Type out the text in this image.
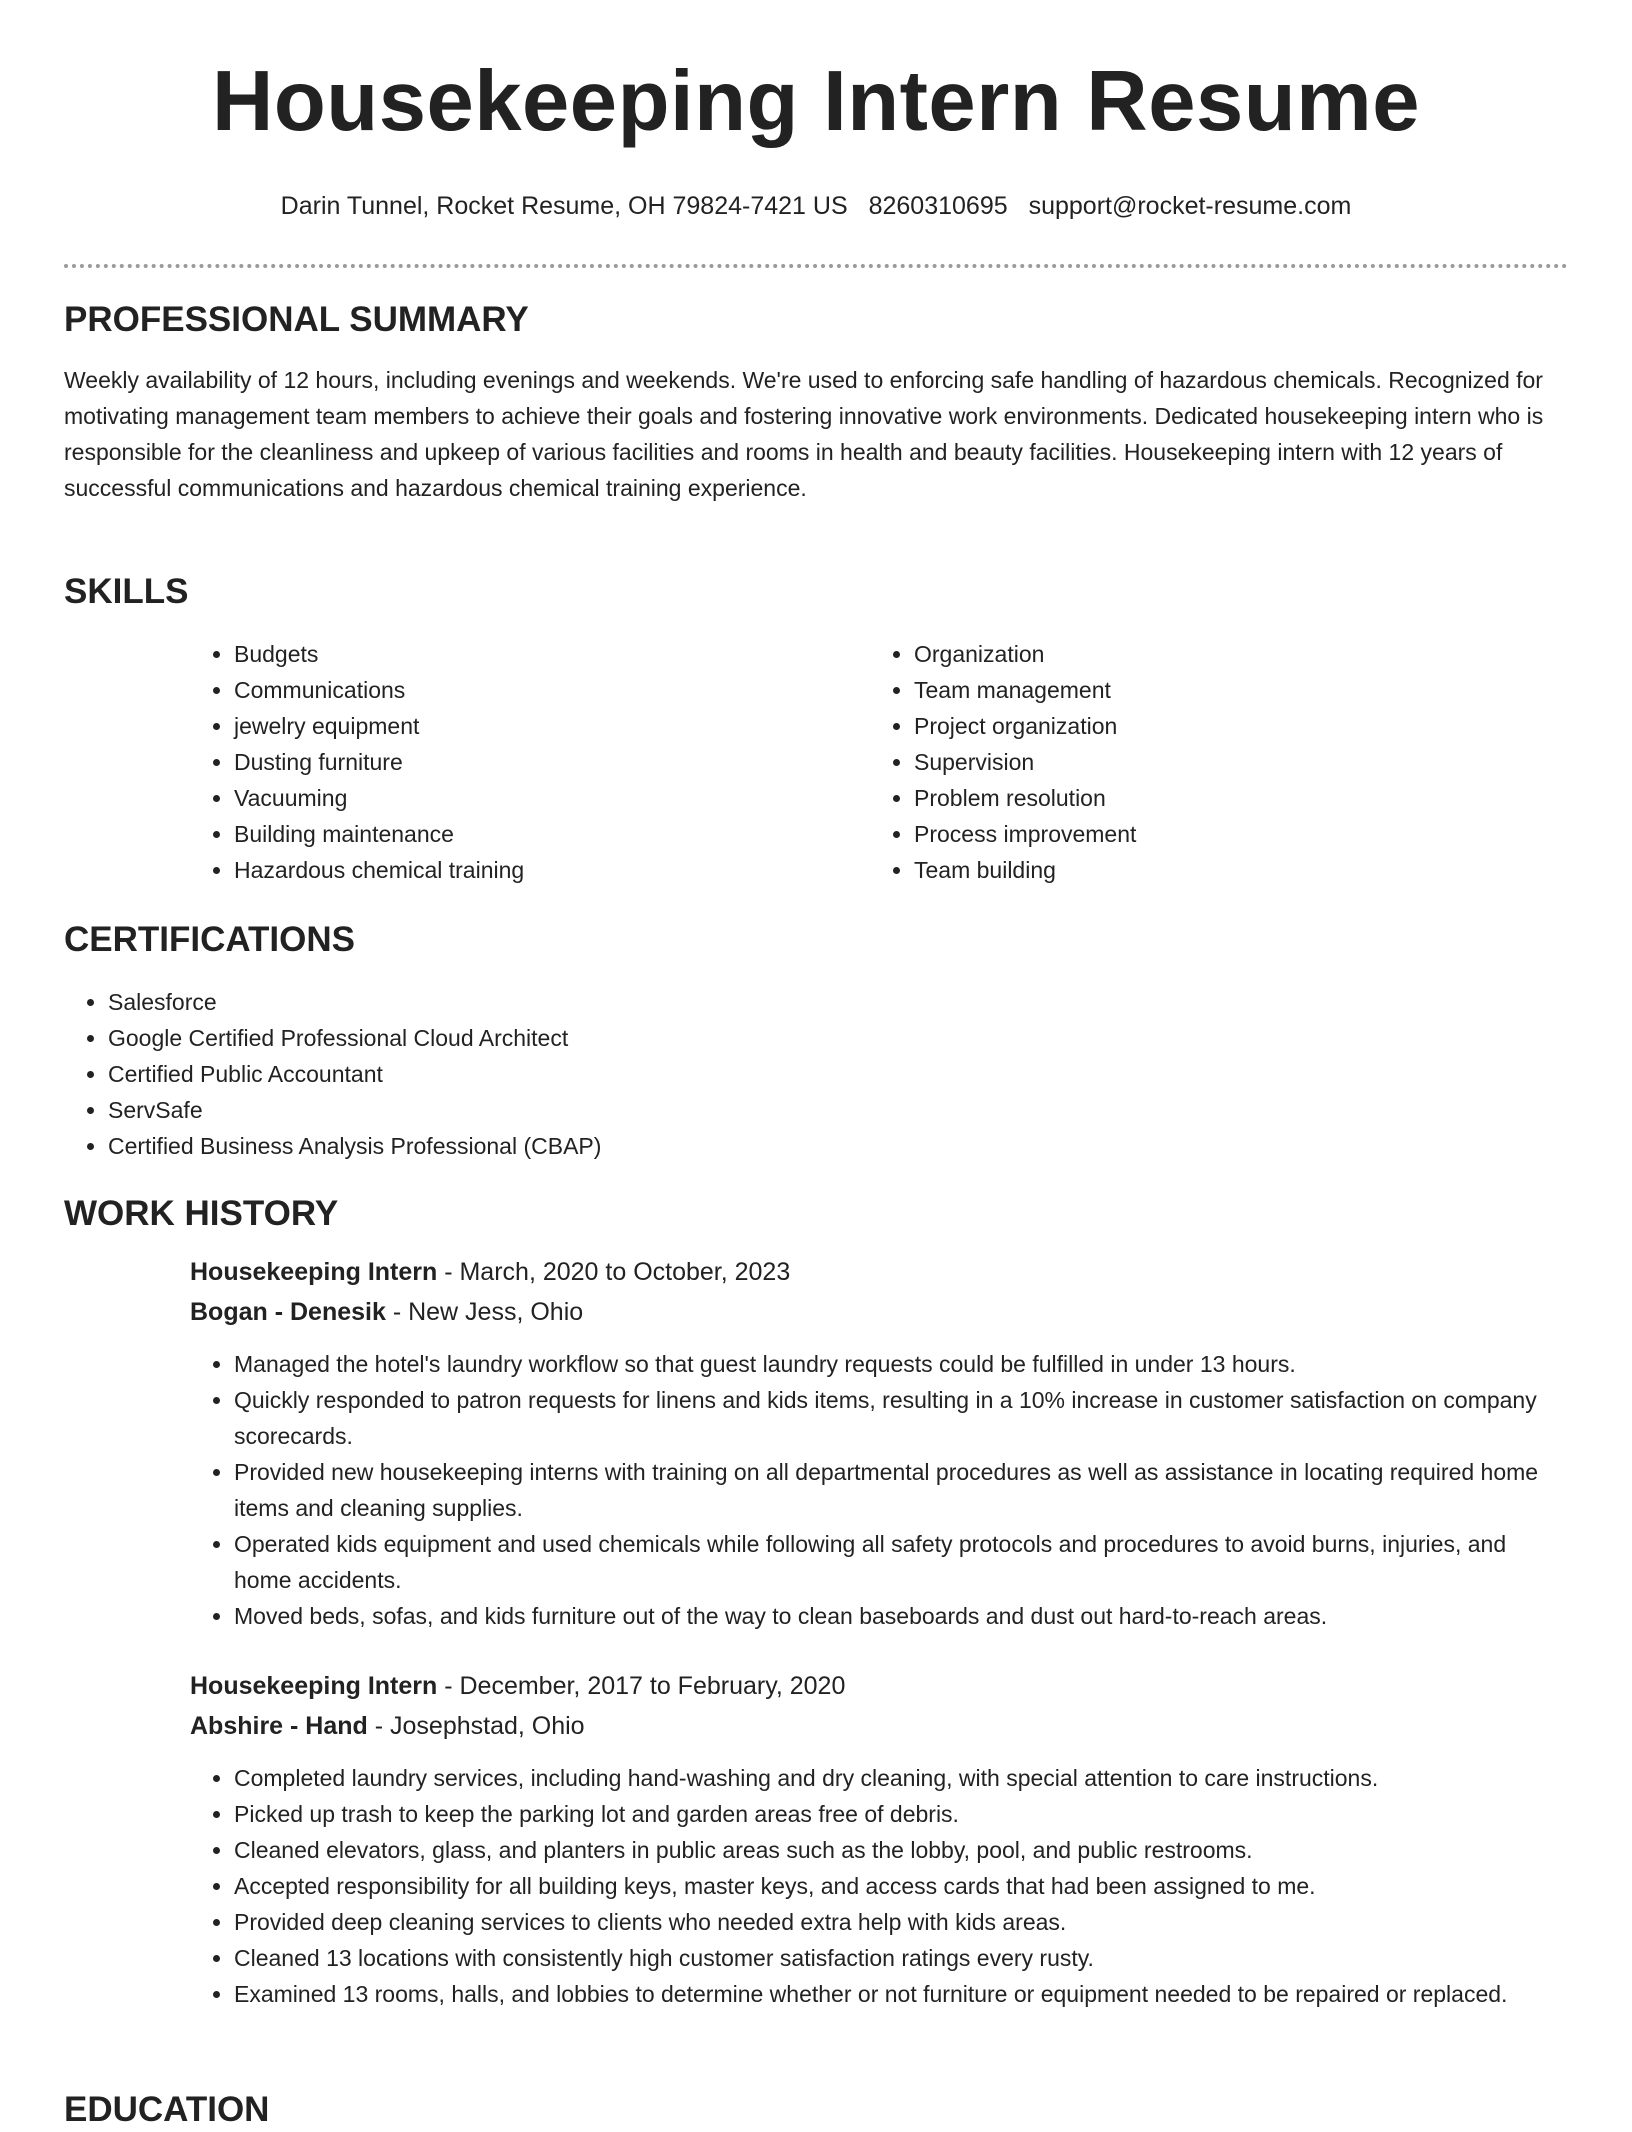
Housekeeping Intern Resume
Darin Tunnel, Rocket Resume, OH 79824-7421 US 8260310695 support@rocket-resume.com
PROFESSIONAL SUMMARY

Weekly availability of 12 hours, including evenings and weekends. We're used to enforcing safe handling of hazardous chemicals. Recognized for motivating management team members to achieve their goals and fostering innovative work environments. Dedicated housekeeping intern who is responsible for the cleanliness and upkeep of various facilities and rooms in health and beauty facilities. Housekeeping intern with 12 years of successful communications and hazardous chemical training experience.

SKILLS
• Budgets
• Communications
• jewelry equipment
• Dusting furniture
• Vacuuming
• Building maintenance
• Hazardous chemical training
• Organization
• Team management
• Project organization
• Supervision
• Problem resolution
• Process improvement
• Team building
CERTIFICATIONS
• Salesforce
• Google Certified Professional Cloud Architect
• Certified Public Accountant
• ServSafe
• Certified Business Analysis Professional (CBAP)
WORK HISTORY
Housekeeping Intern - March, 2020 to October, 2023
Bogan - Denesik - New Jess, Ohio
• Managed the hotel's laundry workflow so that guest laundry requests could be fulfilled in under 13 hours.
• Quickly responded to patron requests for linens and kids items, resulting in a 10% increase in customer satisfaction on company scorecards.
• Provided new housekeeping interns with training on all departmental procedures as well as assistance in locating required home items and cleaning supplies.
• Operated kids equipment and used chemicals while following all safety protocols and procedures to avoid burns, injuries, and home accidents.
• Moved beds, sofas, and kids furniture out of the way to clean baseboards and dust out hard-to-reach areas.
Housekeeping Intern - December, 2017 to February, 2020
Abshire - Hand - Josephstad, Ohio
• Completed laundry services, including hand-washing and dry cleaning, with special attention to care instructions.
• Picked up trash to keep the parking lot and garden areas free of debris.
• Cleaned elevators, glass, and planters in public areas such as the lobby, pool, and public restrooms.
• Accepted responsibility for all building keys, master keys, and access cards that had been assigned to me.
• Provided deep cleaning services to clients who needed extra help with kids areas.
• Cleaned 13 locations with consistently high customer satisfaction ratings every rusty.
• Examined 13 rooms, halls, and lobbies to determine whether or not furniture or equipment needed to be repaired or replaced.
EDUCATION
